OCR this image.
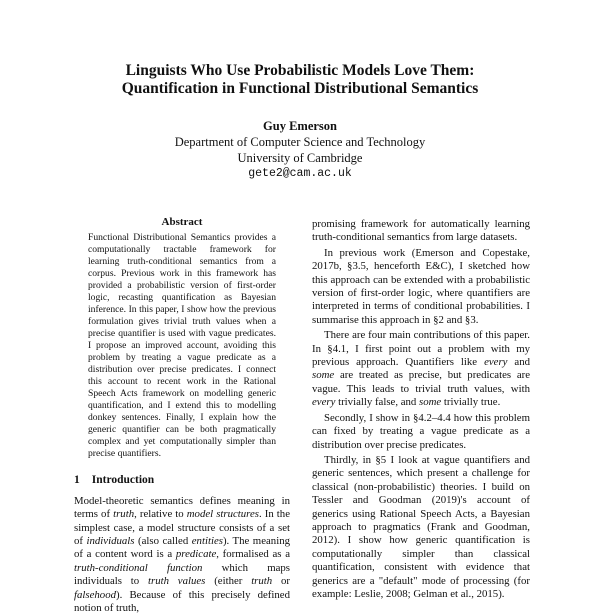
Linguists Who Use Probabilistic Models Love Them:
Quantification in Functional Distributional Semantics
Guy Emerson
Department of Computer Science and Technology
University of Cambridge
gete2@cam.ac.uk
Abstract

Functional Distributional Semantics provides a computationally tractable framework for learning truth-conditional semantics from a corpus. Previous work in this framework has provided a probabilistic version of first-order logic, recasting quantification as Bayesian inference. In this paper, I show how the previous formulation gives trivial truth values when a precise quantifier is used with vague predicates. I propose an improved account, avoiding this problem by treating a vague predicate as a distribution over precise predicates. I connect this account to recent work in the Rational Speech Acts framework on modelling generic quantification, and I extend this to modelling donkey sentences. Finally, I explain how the generic quantifier can be both pragmatically complex and yet computationally simpler than precise quantifiers.

1 Introduction

Model-theoretic semantics defines meaning in terms of truth, relative to model structures. In the simplest case, a model structure consists of a set of individuals (also called entities). The meaning of a content word is a predicate, formalised as a truth-conditional function which maps individuals to truth values (either truth or falsehood). Because of this precisely defined notion of truth,

promising framework for automatically learning truth-conditional semantics from large datasets.

In previous work (Emerson and Copestake, 2017b, §3.5, henceforth E&C), I sketched how this approach can be extended with a probabilistic version of first-order logic, where quantifiers are interpreted in terms of conditional probabilities. I summarise this approach in §2 and §3.

There are four main contributions of this paper. In §4.1, I first point out a problem with my previous approach. Quantifiers like every and some are treated as precise, but predicates are vague. This leads to trivial truth values, with every trivially false, and some trivially true.

Secondly, I show in §4.2–4.4 how this problem can fixed by treating a vague predicate as a distribution over precise predicates.

Thirdly, in §5 I look at vague quantifiers and generic sentences, which present a challenge for classical (non-probabilistic) theories. I build on Tessler and Goodman (2019)'s account of generics using Rational Speech Acts, a Bayesian approach to pragmatics (Frank and Goodman, 2012). I show how generic quantification is computationally simpler than classical quantification, consistent with evidence that generics are a "default" mode of processing (for example: Leslie, 2008; Gelman et al., 2015).
